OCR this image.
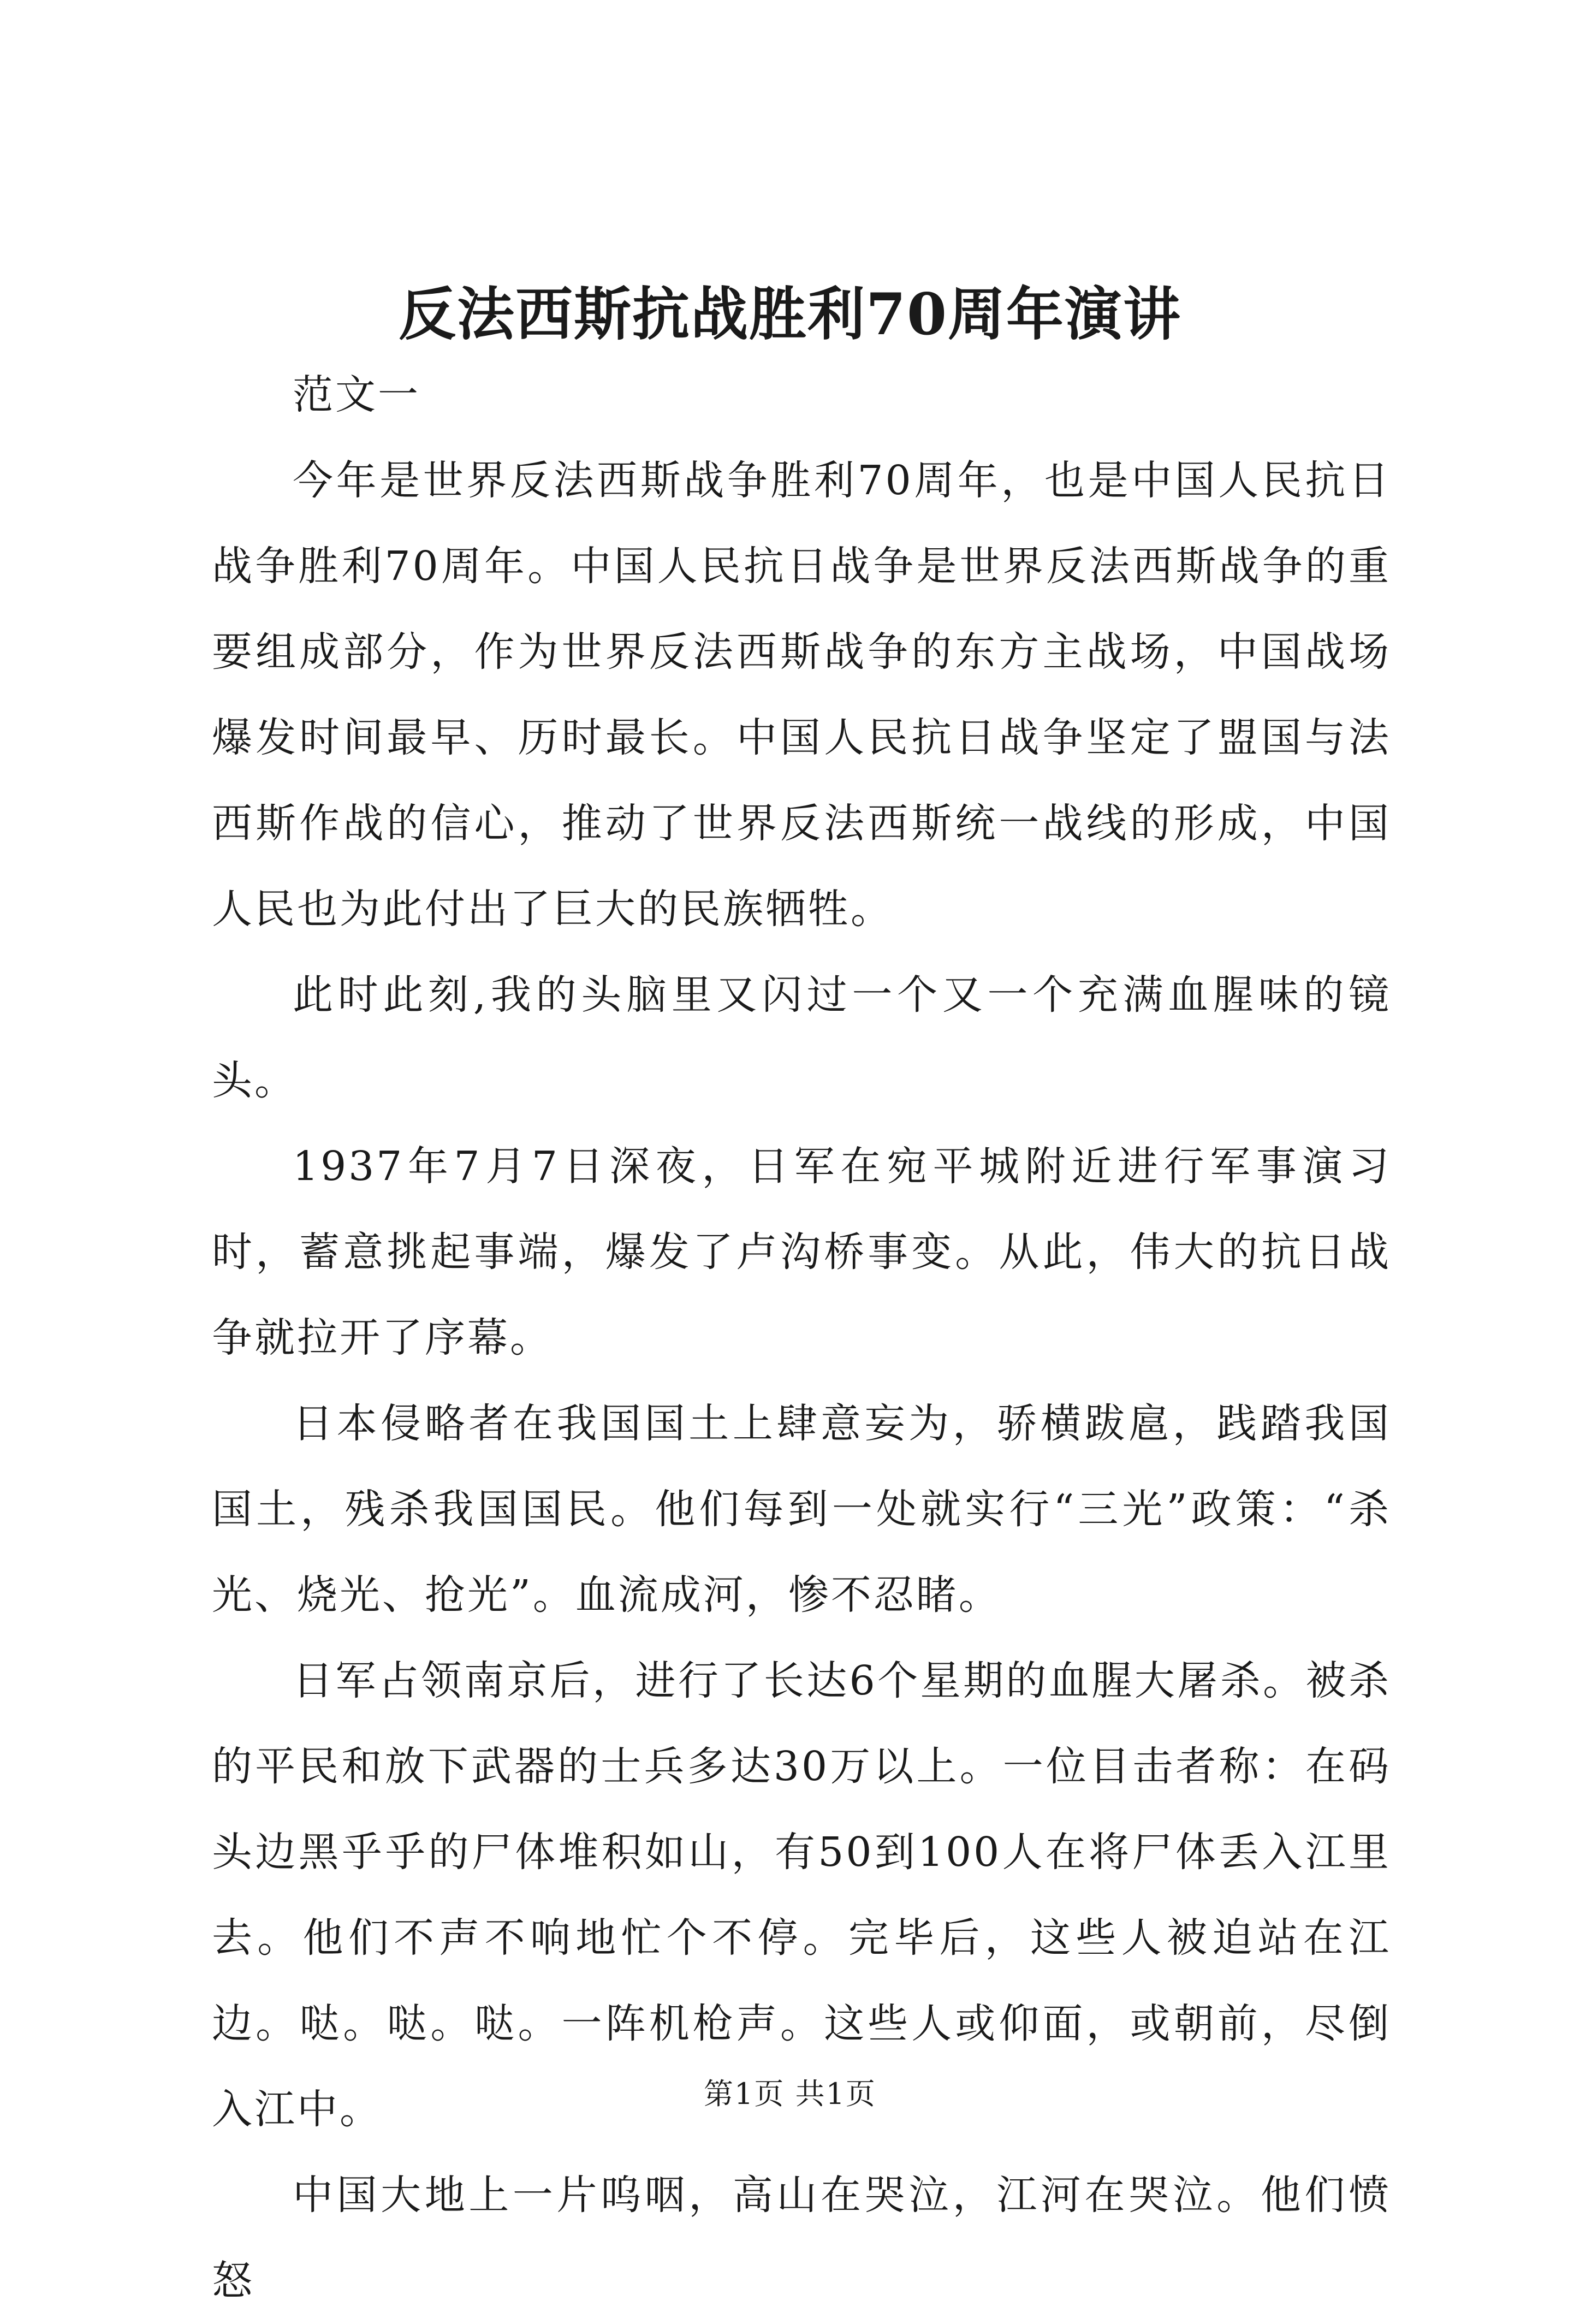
反法西斯抗战胜利70周年演讲

范文一

今年是世界反法西斯战争胜利70周年，也是中国人民抗日战争胜利70周年。中国人民抗日战争是世界反法西斯战争的重要组成部分，作为世界反法西斯战争的东方主战场，中国战场爆发时间最早、历时最长。中国人民抗日战争坚定了盟国与法西斯作战的信心，推动了世界反法西斯统一战线的形成，中国人民也为此付出了巨大的民族牺牲。

此时此刻,我的头脑里又闪过一个又一个充满血腥味的镜头。

1937年7月7日深夜，日军在宛平城附近进行军事演习时，蓄意挑起事端，爆发了卢沟桥事变。从此，伟大的抗日战争就拉开了序幕。

日本侵略者在我国国土上肆意妄为，骄横跋扈，践踏我国国土，残杀我国国民。他们每到一处就实行“三光”政策：“杀光、烧光、抢光”。血流成河，惨不忍睹。

日军占领南京后，进行了长达6个星期的血腥大屠杀。被杀的平民和放下武器的士兵多达30万以上。一位目击者称：在码头边黑乎乎的尸体堆积如山，有50到100人在将尸体丢入江里去。他们不声不响地忙个不停。完毕后，这些人被迫站在江边。哒。哒。哒。一阵机枪声。这些人或仰面，或朝前，尽倒入江中。

中国大地上一片呜咽，高山在哭泣，江河在哭泣。他们愤怒

第1页 共1页
